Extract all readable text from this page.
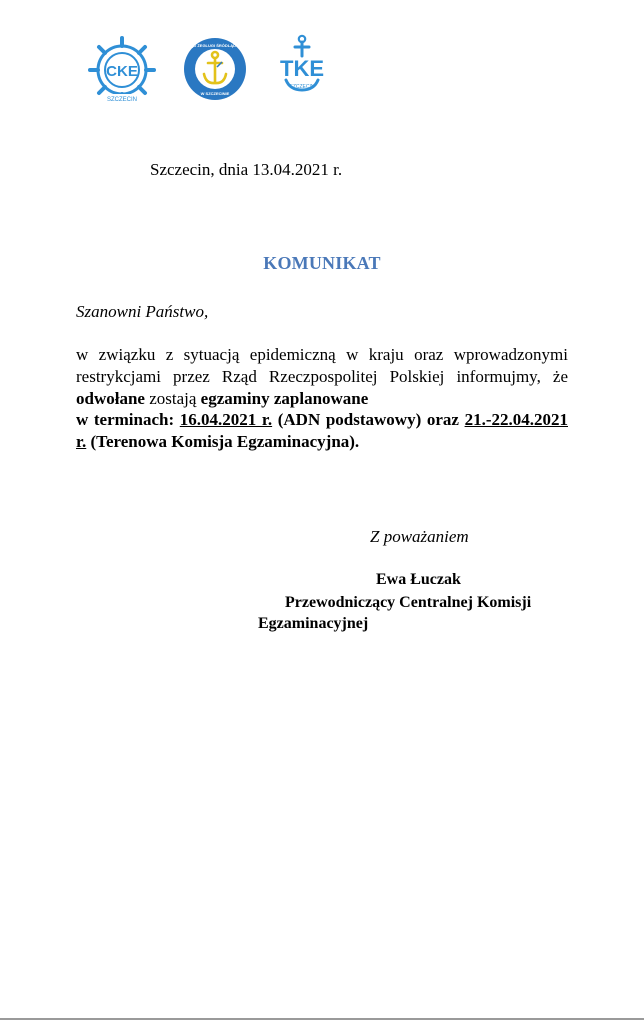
CKE
SZCZECIN
URZĄD ŻEGLUGI ŚRÓDLĄDOWEJ
W SZCZECINIE
TKE
SZCZECIN
Szczecin, dnia 13.04.2021 r.
KOMUNIKAT
Szanowni Państwo,

w związku z sytuacją epidemiczną w kraju oraz wprowadzonymi restrykcjami przez Rząd Rzeczpospolitej Polskiej informujmy, że odwołane zostają egzaminy zaplanowane

w terminach: 16.04.2021 r. (ADN podstawowy) oraz 21.-22.04.2021 r. (Terenowa Komisja Egzaminacyjna).

Z poważaniem
Ewa Łuczak
Przewodniczący Centralnej Komisji
Egzaminacyjnej
